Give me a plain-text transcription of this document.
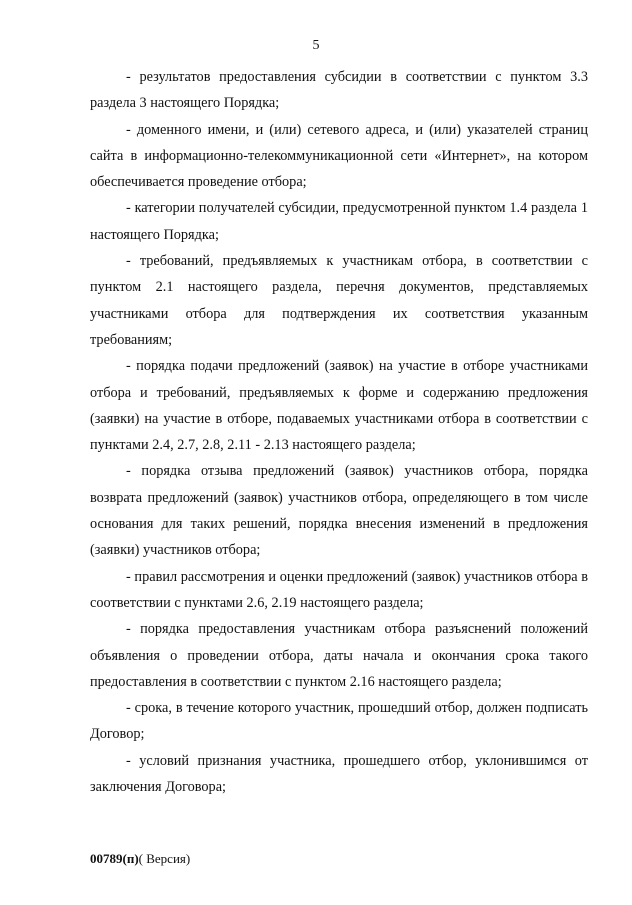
5

- результатов предоставления субсидии в соответствии с пунктом 3.3 раздела 3 настоящего Порядка;

- доменного имени, и (или) сетевого адреса, и (или) указателей страниц сайта в информационно-телекоммуникационной сети «Интернет», на котором обеспечивается проведение отбора;

- категории получателей субсидии, предусмотренной пунктом 1.4 раздела 1 настоящего Порядка;

- требований, предъявляемых к участникам отбора, в соответствии с пунктом 2.1 настоящего раздела, перечня документов, представляемых участниками отбора для подтверждения их соответствия указанным требованиям;

- порядка подачи предложений (заявок) на участие в отборе участниками отбора и требований, предъявляемых к форме и содержанию предложения (заявки) на участие в отборе, подаваемых участниками отбора в соответствии с пунктами 2.4, 2.7, 2.8, 2.11 - 2.13 настоящего раздела;

- порядка отзыва предложений (заявок) участников отбора, порядка возврата предложений (заявок) участников отбора, определяющего в том числе основания для таких решений, порядка внесения изменений в предложения (заявки) участников отбора;

- правил рассмотрения и оценки предложений (заявок) участников отбора в соответствии с пунктами 2.6, 2.19 настоящего раздела;

- порядка предоставления участникам отбора разъяснений положений объявления о проведении отбора, даты начала и окончания срока такого предоставления в соответствии с пунктом 2.16 настоящего раздела;

- срока, в течение которого участник, прошедший отбор, должен подписать Договор;

- условий признания участника, прошедшего отбор, уклонившимся от заключения Договора;

00789(п)( Версия)
